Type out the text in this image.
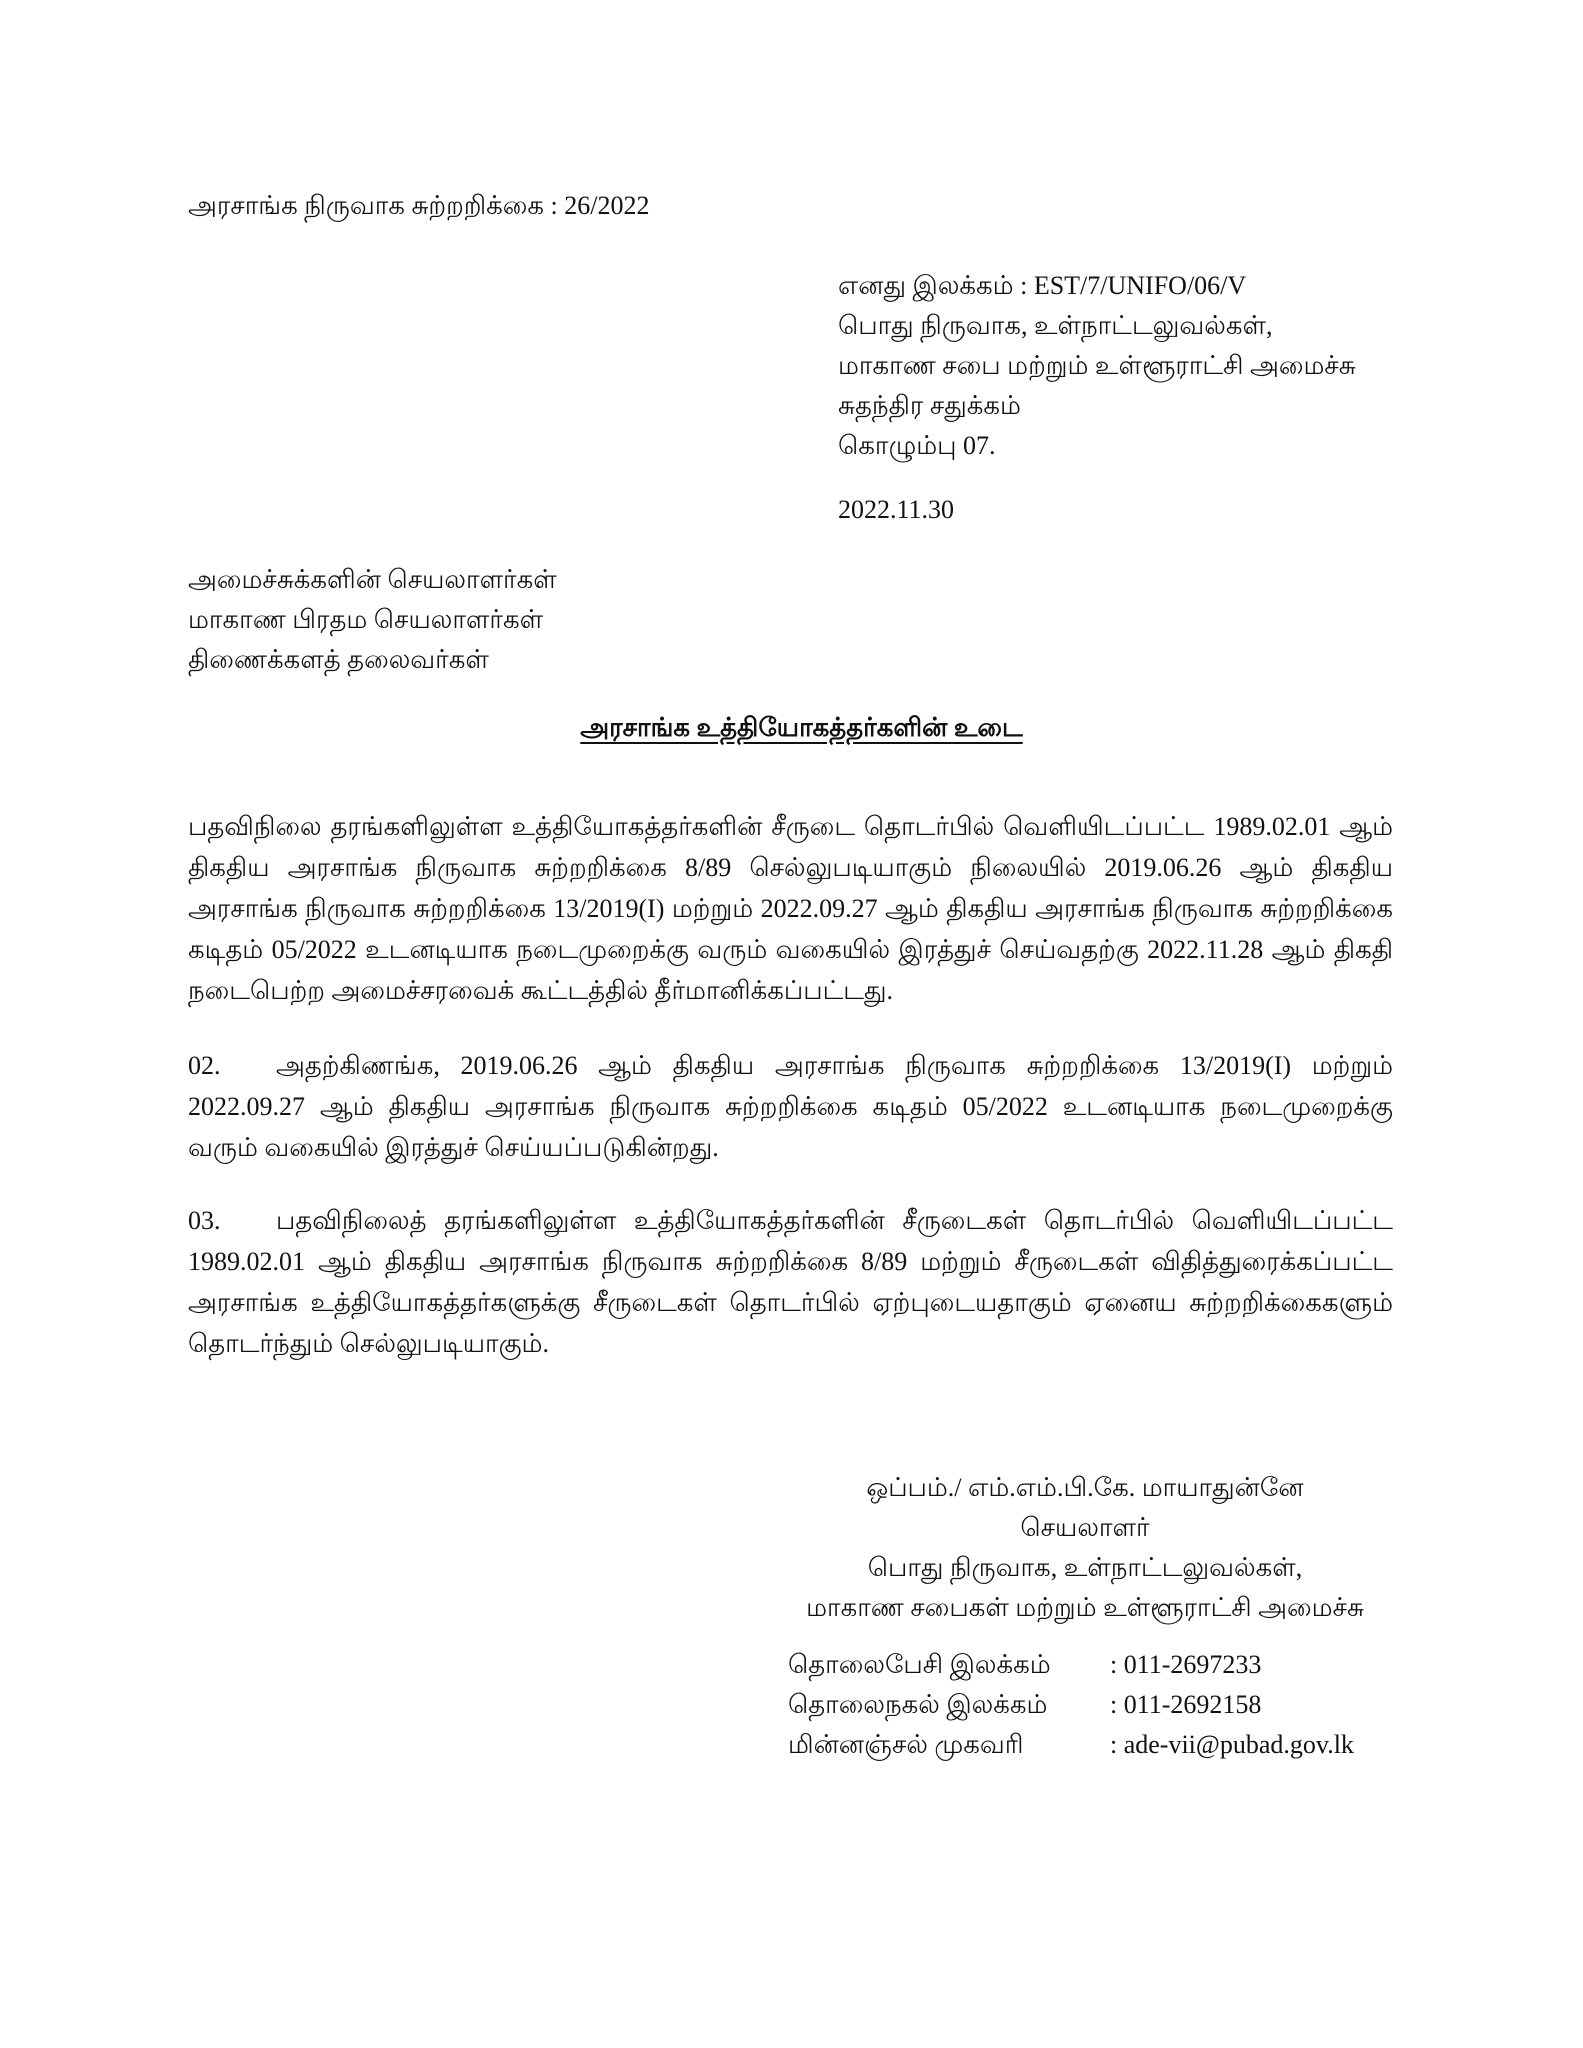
அரசாங்க நிருவாக சுற்றறிக்கை : 26/2022
எனது இலக்கம் : EST/7/UNIFO/06/V
பொது நிருவாக, உள்நாட்டலுவல்கள்,
மாகாண சபை மற்றும் உள்ளூராட்சி அமைச்சு
சுதந்திர சதுக்கம்
கொழும்பு 07.
2022.11.30
அமைச்சுக்களின் செயலாளர்கள்
மாகாண பிரதம செயலாளர்கள்
திணைக்களத் தலைவர்கள்
அரசாங்க உத்தியோகத்தர்களின் உடை
பதவிநிலை தரங்களிலுள்ள உத்தியோகத்தர்களின் சீருடை தொடர்பில் வெளியிடப்பட்ட 1989.02.01 ஆம் திகதிய அரசாங்க நிருவாக சுற்றறிக்கை 8/89 செல்லுபடியாகும் நிலையில் 2019.06.26 ஆம் திகதிய அரசாங்க நிருவாக சுற்றறிக்கை 13/2019(I) மற்றும் 2022.09.27 ஆம் திகதிய அரசாங்க நிருவாக சுற்றறிக்கை கடிதம் 05/2022 உடனடியாக நடைமுறைக்கு வரும் வகையில் இரத்துச் செய்வதற்கு 2022.11.28 ஆம் திகதி நடைபெற்ற அமைச்சரவைக் கூட்டத்தில் தீர்மானிக்கப்பட்டது.
02. அதற்கிணங்க, 2019.06.26 ஆம் திகதிய அரசாங்க நிருவாக சுற்றறிக்கை 13/2019(I) மற்றும் 2022.09.27 ஆம் திகதிய அரசாங்க நிருவாக சுற்றறிக்கை கடிதம் 05/2022 உடனடியாக நடைமுறைக்கு வரும் வகையில் இரத்துச் செய்யப்படுகின்றது.
03. பதவிநிலைத் தரங்களிலுள்ள உத்தியோகத்தர்களின் சீருடைகள் தொடர்பில் வெளியிடப்பட்ட 1989.02.01 ஆம் திகதிய அரசாங்க நிருவாக சுற்றறிக்கை 8/89 மற்றும் சீருடைகள் விதித்துரைக்கப்பட்ட அரசாங்க உத்தியோகத்தர்களுக்கு சீருடைகள் தொடர்பில் ஏற்புடையதாகும் ஏனைய சுற்றறிக்கைகளும் தொடர்ந்தும் செல்லுபடியாகும்.
ஒப்பம்./ எம்.எம்.பி.கே. மாயாதுன்னே
செயலாளர்
பொது நிருவாக, உள்நாட்டலுவல்கள்,
மாகாண சபைகள் மற்றும் உள்ளூராட்சி அமைச்சு
தொலைபேசி இலக்கம்	: 011-2697233
தொலைநகல் இலக்கம்	: 011-2692158
மின்னஞ்சல் முகவரி	: ade-vii@pubad.gov.lk
